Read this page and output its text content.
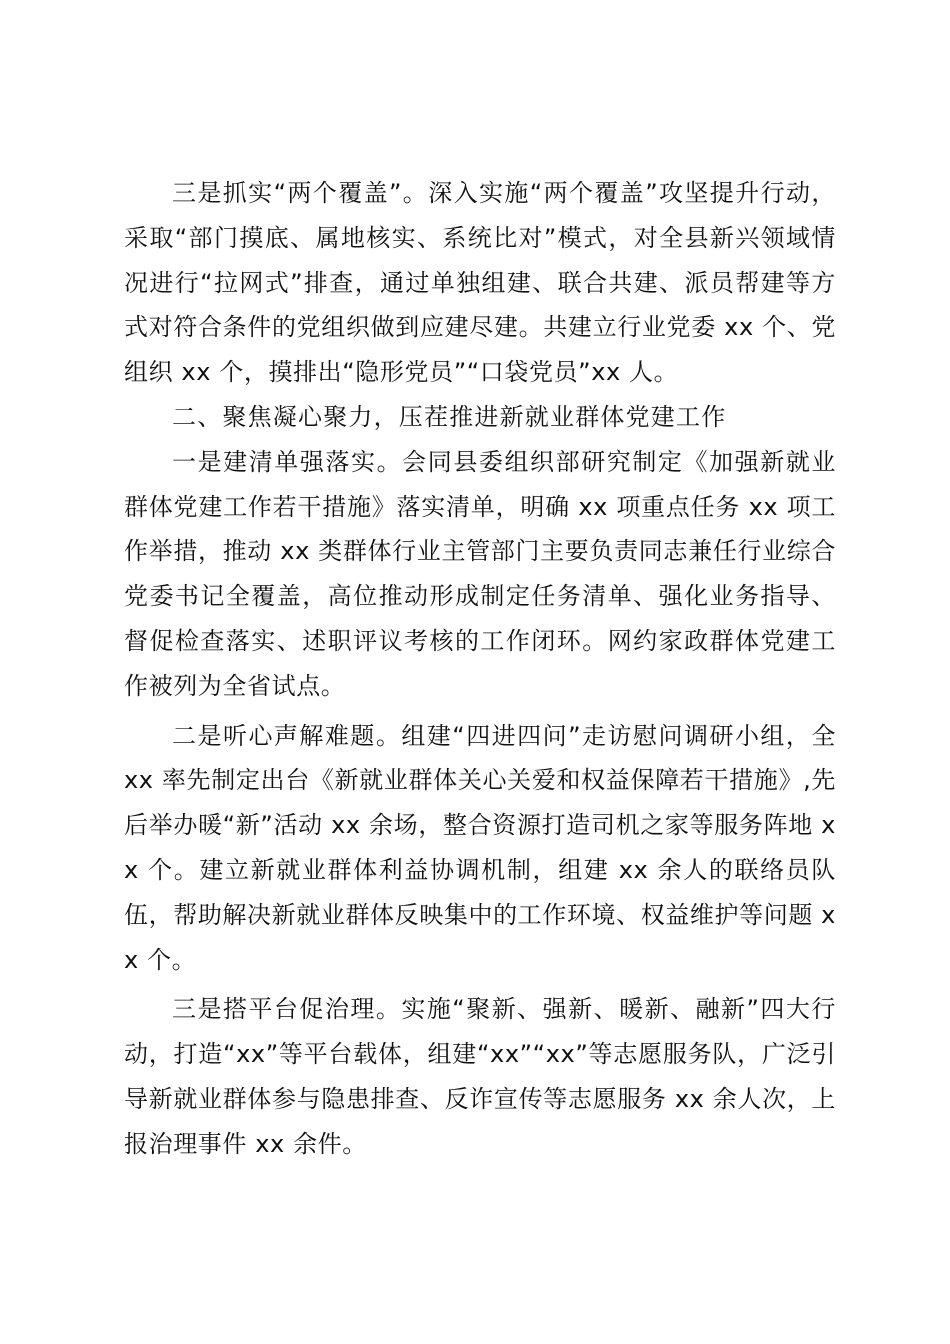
三是抓实“两个覆盖”。深入实施“两个覆盖”攻坚提升行动，采取“部门摸底、属地核实、系统比对”模式，对全县新兴领域情况进行“拉网式”排查，通过单独组建、联合共建、派员帮建等方式对符合条件的党组织做到应建尽建。共建立行业党委 xx 个、党组织 xx 个，摸排出“隐形党员”“口袋党员”xx 人。

二、聚焦凝心聚力，压茬推进新就业群体党建工作

一是建清单强落实。会同县委组织部研究制定《加强新就业群体党建工作若干措施》落实清单，明确 xx 项重点任务 xx 项工作举措，推动 xx 类群体行业主管部门主要负责同志兼任行业综合党委书记全覆盖，高位推动形成制定任务清单、强化业务指导、督促检查落实、述职评议考核的工作闭环。网约家政群体党建工作被列为全省试点。

二是听心声解难题。组建“四进四问”走访慰问调研小组，全 xx 率先制定出台《新就业群体关心关爱和权益保障若干措施》,先后举办暖“新”活动 xx 余场，整合资源打造司机之家等服务阵地 xx 个。建立新就业群体利益协调机制，组建 xx 余人的联络员队伍，帮助解决新就业群体反映集中的工作环境、权益维护等问题 xx 个。

三是搭平台促治理。实施“聚新、强新、暖新、融新”四大行动，打造“xx”等平台载体，组建“xx”“xx”等志愿服务队，广泛引导新就业群体参与隐患排查、反诈宣传等志愿服务 xx 余人次，上报治理事件 xx 余件。
